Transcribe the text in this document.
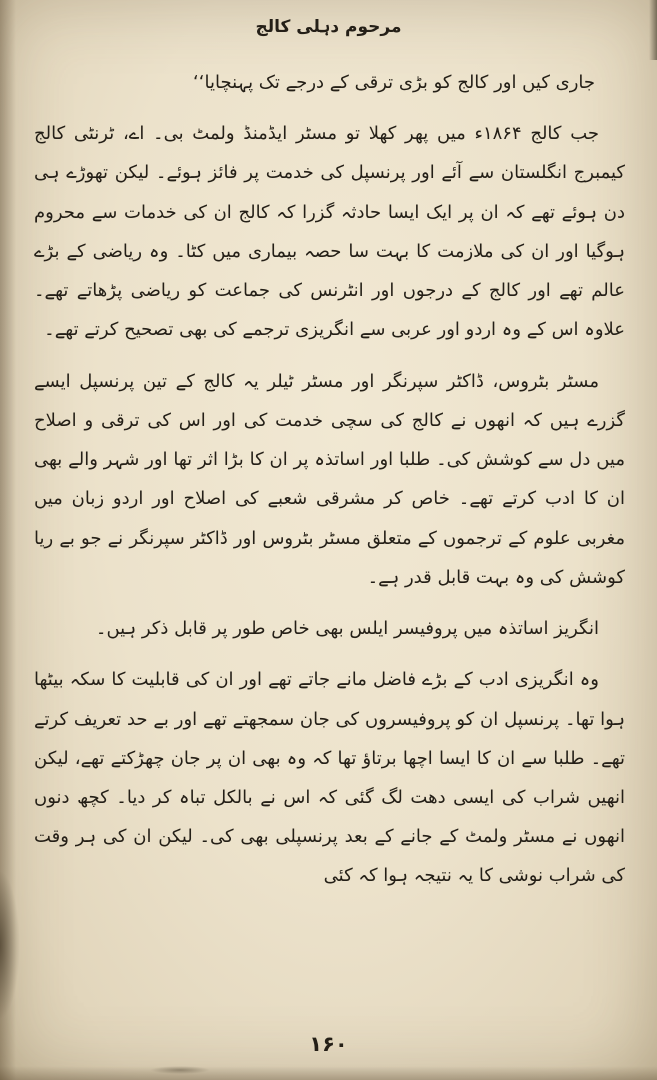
مرحوم دہلی کالج

جاری کیں اور کالج کو بڑی ترقی کے درجے تک پہنچایا‘‘

جب کالج ۱۸۶۴ء میں پھر کھلا تو مسٹر ایڈمنڈ ولمٹ بی۔ اے، ٹرنٹی کالج کیمبرج انگلستان سے آئے اور پرنسپل کی خدمت پر فائز ہوئے۔ لیکن تھوڑے ہی دن ہوئے تھے کہ ان پر ایک ایسا حادثہ گزرا کہ کالج ان کی خدمات سے محروم ہوگیا اور ان کی ملازمت کا بہت سا حصہ بیماری میں کٹا۔ وہ ریاضی کے بڑے عالم تھے اور کالج کے درجوں اور انٹرنس کی جماعت کو ریاضی پڑھاتے تھے۔ علاوہ اس کے وہ اردو اور عربی سے انگریزی ترجمے کی بھی تصحیح کرتے تھے۔

مسٹر بٹروس، ڈاکٹر سپرنگر اور مسٹر ٹیلر یہ کالج کے تین پرنسپل ایسے گزرے ہیں کہ انھوں نے کالج کی سچی خدمت کی اور اس کی ترقی و اصلاح میں دل سے کوشش کی۔ طلبا اور اساتذہ پر ان کا بڑا اثر تھا اور شہر والے بھی ان کا ادب کرتے تھے۔ خاص کر مشرقی شعبے کی اصلاح اور اردو زبان میں مغربی علوم کے ترجموں کے متعلق مسٹر بٹروس اور ڈاکٹر سپرنگر نے جو بے ریا کوشش کی وہ بہت قابل قدر ہے۔

انگریز اساتذہ میں پروفیسر ایلس بھی خاص طور پر قابل ذکر ہیں۔

وہ انگریزی ادب کے بڑے فاضل مانے جاتے تھے اور ان کی قابلیت کا سکہ بیٹھا ہوا تھا۔ پرنسپل ان کو پروفیسروں کی جان سمجھتے تھے اور بے حد تعریف کرتے تھے۔ طلبا سے ان کا ایسا اچھا برتاؤ تھا کہ وہ بھی ان پر جان چھڑکتے تھے، لیکن انھیں شراب کی ایسی دھت لگ گئی کہ اس نے بالکل تباہ کر دیا۔ کچھ دنوں انھوں نے مسٹر ولمٹ کے جانے کے بعد پرنسپلی بھی کی۔ لیکن ان کی ہر وقت کی شراب نوشی کا یہ نتیجہ ہوا کہ کئی

۱۶۰
